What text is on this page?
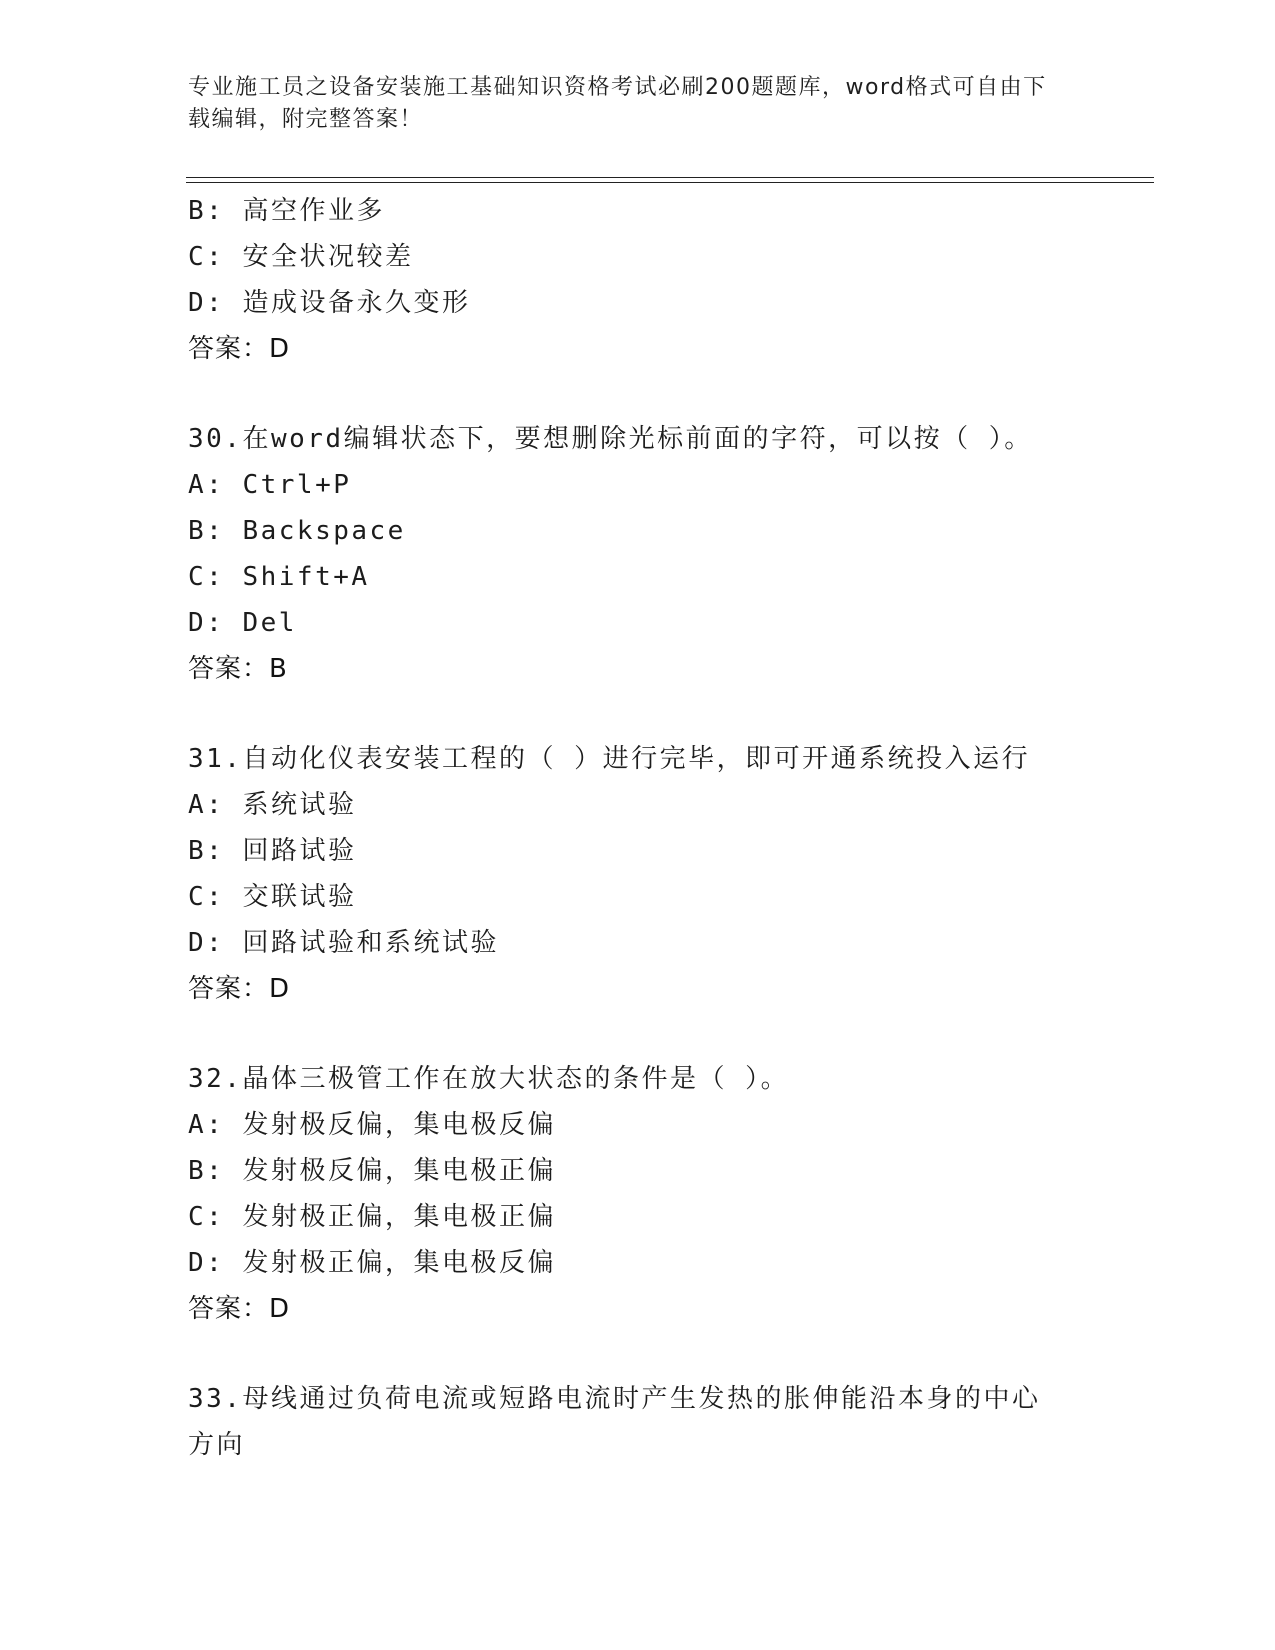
专业施工员之设备安装施工基础知识资格考试必刷200题题库，word格式可自由下载编辑，附完整答案！
B: 高空作业多
C: 安全状况较差
D: 造成设备永久变形
答案：D
30.在word编辑状态下，要想删除光标前面的字符，可以按（ ）。
A: Ctrl+P
B: Backspace
C: Shift+A
D: Del
答案：B
31.自动化仪表安装工程的（ ）进行完毕，即可开通系统投入运行
A: 系统试验
B: 回路试验
C: 交联试验
D: 回路试验和系统试验
答案：D
32.晶体三极管工作在放大状态的条件是（ ）。
A: 发射极反偏，集电极反偏
B: 发射极反偏，集电极正偏
C: 发射极正偏，集电极正偏
D: 发射极正偏，集电极反偏
答案：D
33.母线通过负荷电流或短路电流时产生发热的胀伸能沿本身的中心方向
